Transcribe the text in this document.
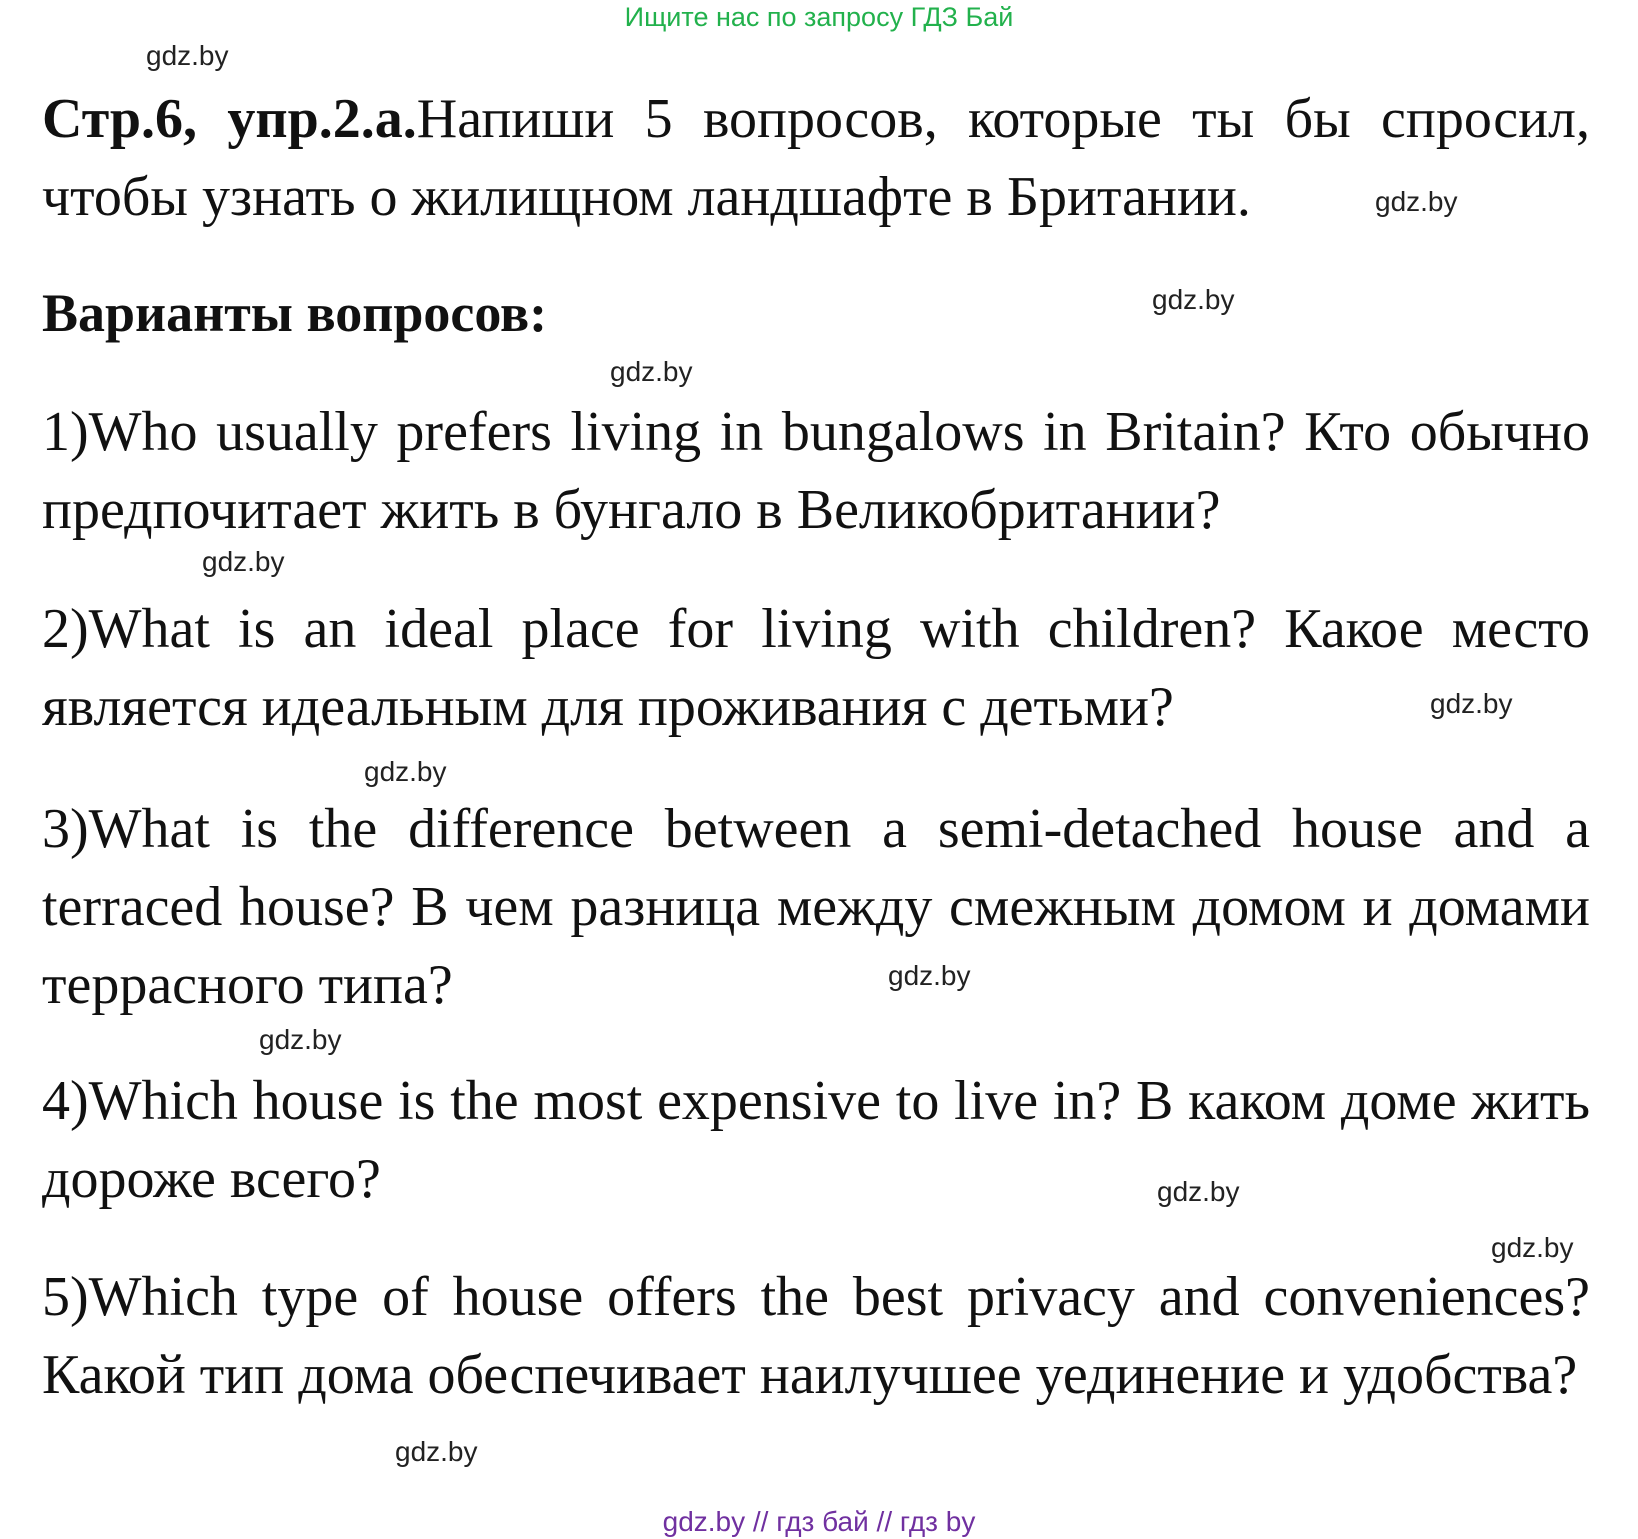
Ищите нас по запросу ГДЗ Бай
gdz.by

Стр.6, упр.2.a.Напиши 5 вопросов, которые ты бы спросил, чтобы узнать о жилищном ландшафте в Британии.	gdz.by
Варианты вопросов:	gdz.by
gdz.by

1)Who usually prefers living in bungalows in Britain? Кто обычно предпочитает жить в бунгало в Великобритании?

gdz.by

2)What is an ideal place for living with children? Какое место является идеальным для проживания с детьми?	gdz.by
gdz.by

3)What is the difference between a semi-detached house and a terraced house? В чем разница между смежным домом и домами террасного типа?	gdz.by
gdz.by

4)Which house is the most expensive to live in? В каком доме жить дороже всего?	gdz.by
gdz.by

5)Which type of house offers the best privacy and conveniences? Какой тип дома обеспечивает наилучшее уединение и удобства?

gdz.by
gdz.by // гдз бай // гдз by
